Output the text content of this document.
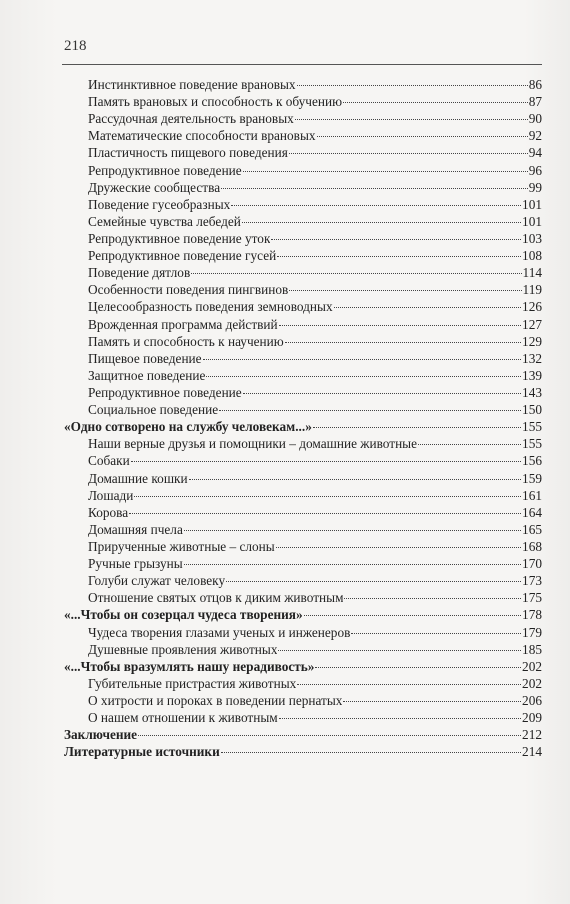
218
Инстинктивное поведение врановых	86
Память врановых и способность к обучению	87
Рассудочная деятельность врановых	90
Математические способности врановых	92
Пластичность пищевого поведения	94
Репродуктивное поведение	96
Дружеские сообщества	99
Поведение гусеобразных	101
Семейные чувства лебедей	101
Репродуктивное поведение уток	103
Репродуктивное поведение гусей	108
Поведение дятлов	114
Особенности поведения пингвинов	119
Целесообразность поведения земноводных	126
Врожденная программа действий	127
Память и способность к научению	129
Пищевое поведение	132
Защитное поведение	139
Репродуктивное поведение	143
Социальное поведение	150
«Одно сотворено на службу человекам...»	155
Наши верные друзья и помощники – домашние животные	155
Собаки	156
Домашние кошки	159
Лошади	161
Корова	164
Домашняя пчела	165
Прирученные животные – слоны	168
Ручные грызуны	170
Голуби служат человеку	173
Отношение святых отцов к диким животным	175
«...Чтобы он созерцал чудеса творения»	178
Чудеса творения глазами ученых и инженеров	179
Душевные проявления животных	185
«...Чтобы вразумлять нашу нерадивость»	202
Губительные пристрастия животных	202
О хитрости и пороках в поведении пернатых	206
О нашем отношении к животным	209
Заключение	212
Литературные источники	214
